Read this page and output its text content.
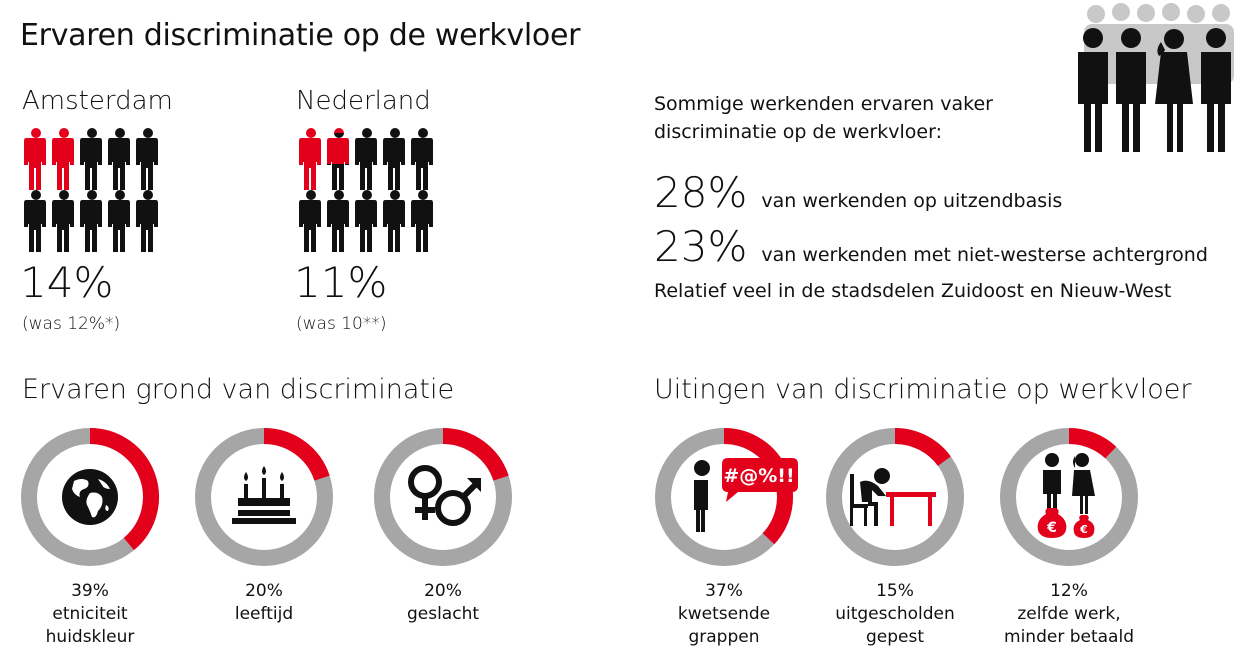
Ervaren discriminatie op de werkvloer
Amsterdam
14%
(was 12%*)
Nederland
11%
(was 10**)
Sommige werkenden ervaren vaker discriminatie op de werkvloer:
28% van werkenden op uitzendbasis
23% van werkenden met niet-westerse achtergrond
Relatief veel in de stadsdelen Zuidoost en Nieuw-West
Ervaren grond van discriminatie	Uitingen van discriminatie op werkvloer
#@%!!
€ €
39%
etniciteit
huidskleur
20%
leeftijd
20%
geslacht
37%
kwetsende
grappen
15%
uitgescholden
gepest
12%
zelfde werk,
minder betaald
